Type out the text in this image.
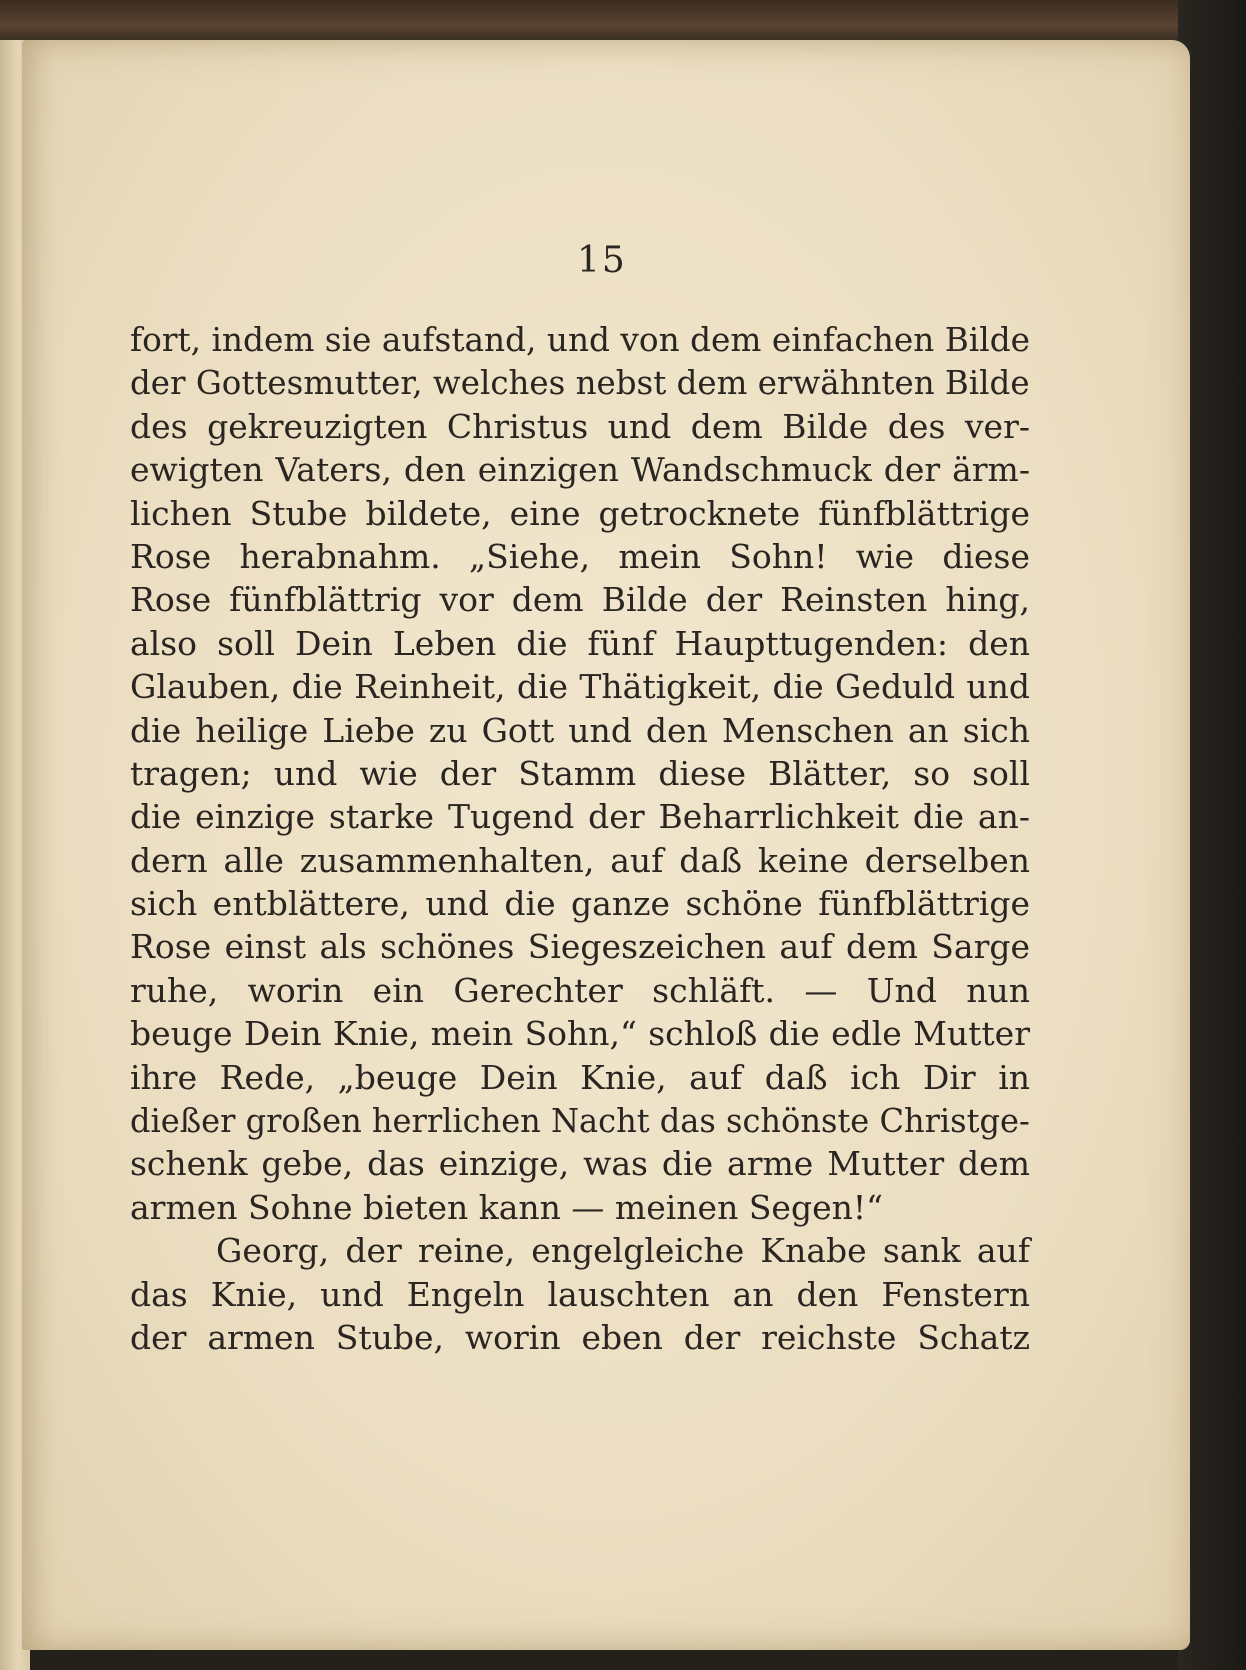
15
fort, indem sie aufstand, und von dem einfachen Bilde
der Gottesmutter, welches nebst dem erwähnten Bilde
des gekreuzigten Christus und dem Bilde des ver-
ewigten Vaters, den einzigen Wandschmuck der ärm-
lichen Stube bildete, eine getrocknete fünfblättrige
Rose herabnahm. „Siehe, mein Sohn! wie diese
Rose fünfblättrig vor dem Bilde der Reinsten hing,
also soll Dein Leben die fünf Haupttugenden: den
Glauben, die Reinheit, die Thätigkeit, die Geduld und
die heilige Liebe zu Gott und den Menschen an sich
tragen; und wie der Stamm diese Blätter, so soll
die einzige starke Tugend der Beharrlichkeit die an-
dern alle zusammenhalten, auf daß keine derselben
sich entblättere, und die ganze schöne fünfblättrige
Rose einst als schönes Siegeszeichen auf dem Sarge
ruhe, worin ein Gerechter schläft. — Und nun
beuge Dein Knie, mein Sohn,“ schloß die edle Mutter
ihre Rede, „beuge Dein Knie, auf daß ich Dir in
dießer großen herrlichen Nacht das schönste Christge-
schenk gebe, das einzige, was die arme Mutter dem
armen Sohne bieten kann — meinen Segen!“
Georg, der reine, engelgleiche Knabe sank auf
das Knie, und Engeln lauschten an den Fenstern
der armen Stube, worin eben der reichste Schatz
